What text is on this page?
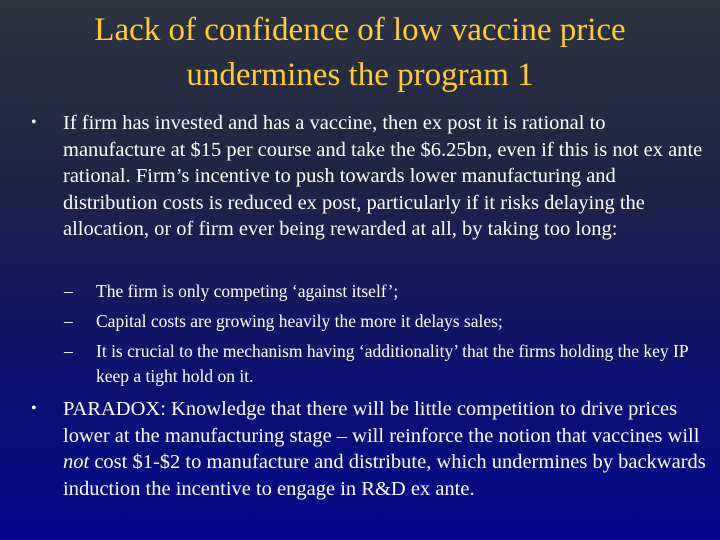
Lack of confidence of low vaccine price
undermines the program 1
• If firm has invested and has a vaccine, then ex post it is rational to manufacture at $15 per course and take the $6.25bn, even if this is not ex ante rational. Firm’s incentive to push towards lower manufacturing and distribution costs is reduced ex post, particularly if it risks delaying the allocation, or of firm ever being rewarded at all, by taking too long:
– The firm is only competing ‘against itself’;
– Capital costs are growing heavily the more it delays sales;
– It is crucial to the mechanism having ‘additionality’ that the firms holding the key IP keep a tight hold on it.
• PARADOX: Knowledge that there will be little competition to drive prices lower at the manufacturing stage – will reinforce the notion that vaccines will not cost $1-$2 to manufacture and distribute, which undermines by backwards induction the incentive to engage in R&D ex ante.
